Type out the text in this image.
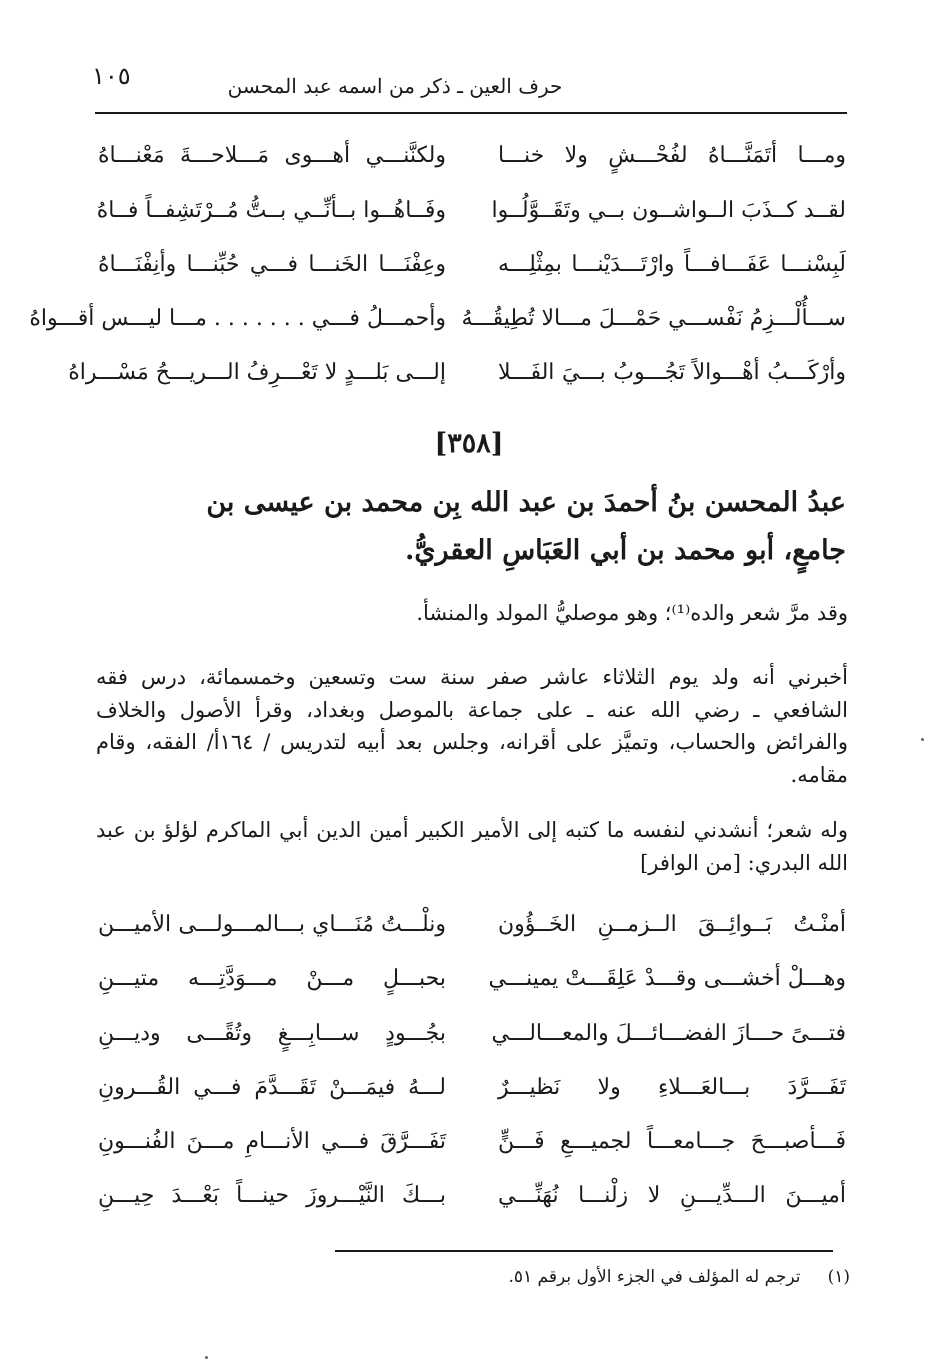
١٠٥	حرف العين ـ ذكر من اسمه عبد المحسن
ومـــا أتَمَنَّـــاهُ لفُحْـــشٍ ولا خنـــا
ولكنَّنـــي أهـــوى مَـــلاحـــةَ مَعْنـــاهُ
لقــد كــذَبَ الــواشــون بــي وتَقَــوَّلُــوا
وفَــاهُــوا بــأنِّــي بــتُّ مُــرْتَشِفــاً فــاهُ
لَبِسْنـــا عَفَـــافـــاً وارْتَـــدَيْنـــا بمِثْلِـــه
وعِفْنَـــا الخَنـــا فـــي حُبِّنـــا وأنِفْنَـــاهُ
ســـأُلْـــزِمُ نَفْســـي حَمْـــلَ مـــالا تُطِيقُـــهُ
وأحمـــلُ فـــي . . . . . . . مـــا ليـــس أقـــواهُ
وأرْكَـــبُ أهْـــوالاً تَجُـــوبُ بـــيَ الفَـــلا
إلـــى بَلـــدٍ لا تَعْـــرِفُ الـــريـــحُ مَسْـــراهُ
[٣٥٨]
عبدُ المحسن بنُ أحمدَ بن عبد الله بِن محمد بن عيسى بن
جامعٍ، أبو محمد بن أبي العَبَاسِ العقريُّ.
وقد مرَّ شعر والده⁽¹⁾؛ وهو موصليُّ المولد والمنشأ.
أخبرني أنه ولد يوم الثلاثاء عاشر صفر سنة ست وتسعين وخمسمائة، درس فقه الشافعي ـ رضي الله عنه ـ على جماعة بالموصل وبغداد، وقرأ الأصول والخلاف والفرائض والحساب، وتميَّز على أقرانه، وجلس بعد أبيه لتدريس / ١٦٤أ/ الفقه، وقام مقامه.
وله شعر؛ أنشدني لنفسه ما كتبه إلى الأمير الكبير أمين الدين أبي الماكرم لؤلؤ بن عبد الله البدري: [من الوافر]
أمنْـتُ بَــوائِــقَ الــزمــنِ الخَــؤُون
ونلْـــتُ مُنَـــاي بـــالمـــولـــى الأميـــن
وهـــلْ أخشـــى وقـــدْ عَلِقَـــتْ يمينـــي
بحبـــلٍ مـــنْ مـــوَدَّتِـــه متيـــنِ
فتـــىً حـــازَ الفضـــائـــلَ والمعـــالـــي
بجُـــودٍ ســـابِـــغٍ وتُقًـــى وديـــنِ
تَفَـــرَّدَ بـــالعَـــلاءِ ولا نَظيـــرٌ
لـــهُ فيمَـــنْ تَقَـــدَّمَ فـــي القُـــرونِ
فَـــأصبـــحَ جـــامعـــاً لجميـــعِ فَـــنٍّ
تَفَـــرَّقَ فـــي الأنـــامِ مـــنَ الفُنـــونِ
أميـــنَ الـــدِّيـــنِ لا زلْنـــا نُهَنِّـــي
بـــكَ النَّيْـــروزَ حينـــاً بَعْـــدَ حِيـــنِ
(١)     ترجم له المؤلف في الجزء الأول برقم ٥١.
